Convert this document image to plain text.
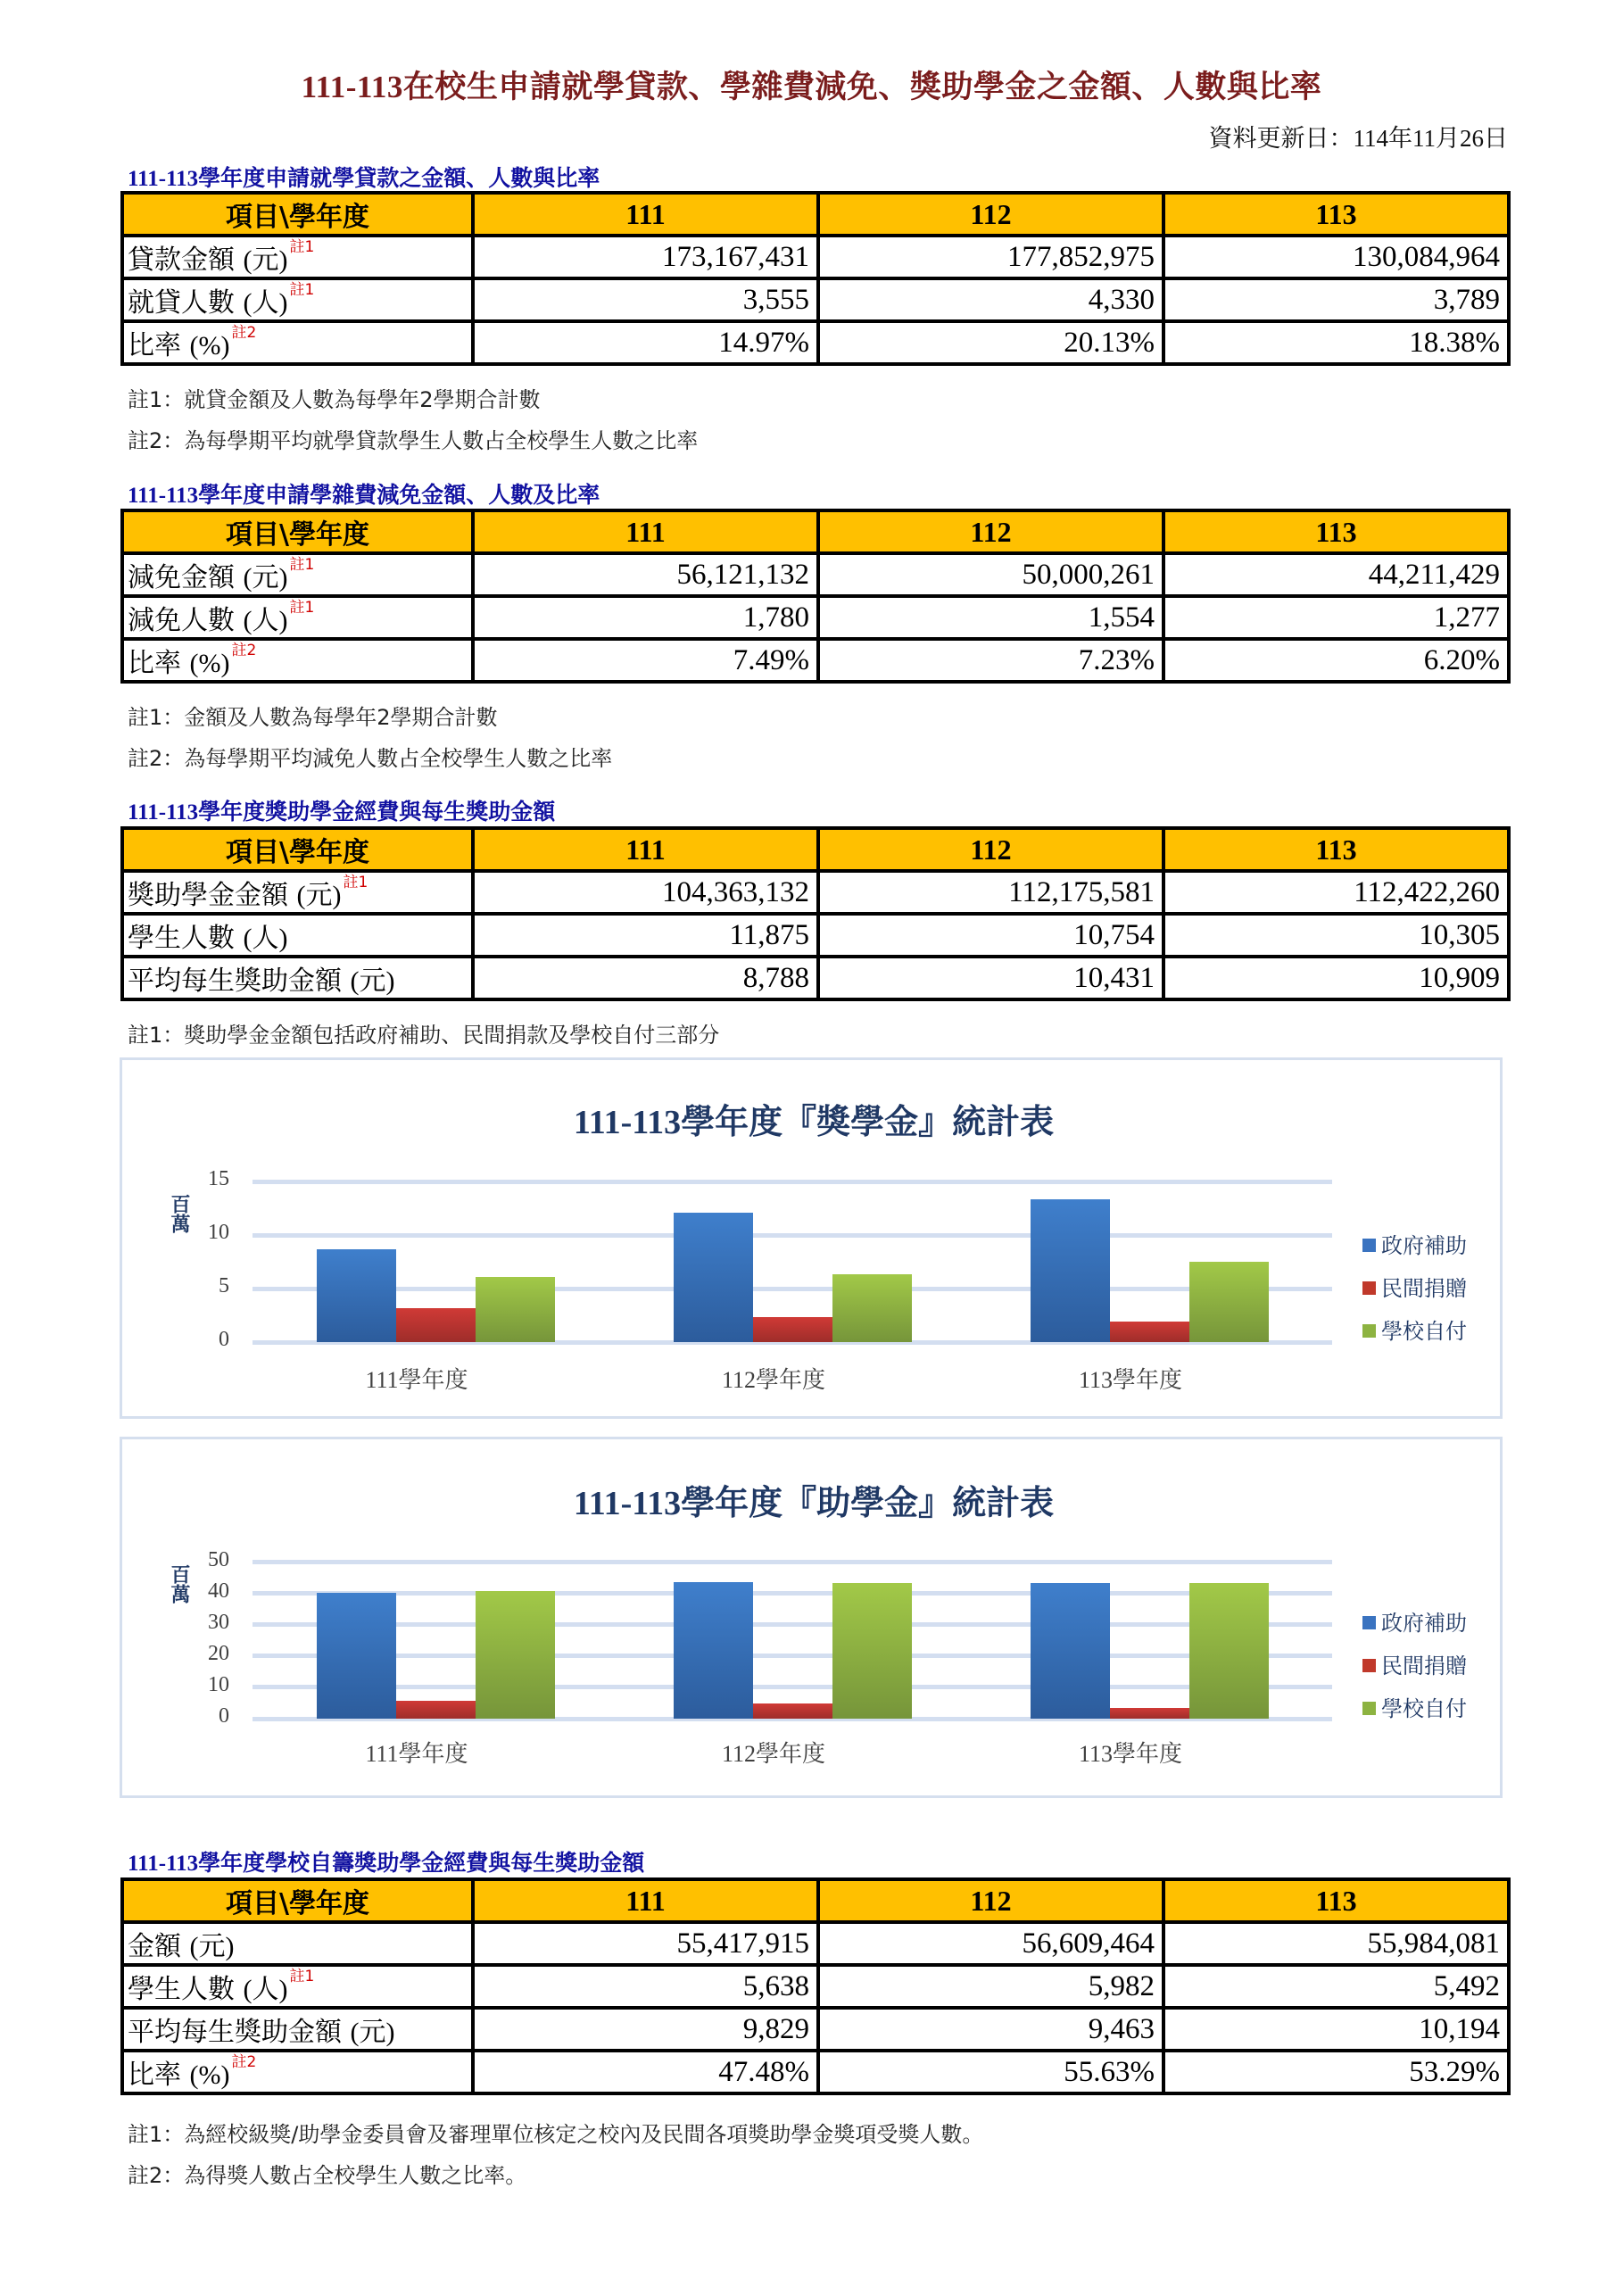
111-113在校生申請就學貸款、學雜費減免、獎助學金之金額、人數與比率
資料更新日：114年11月26日
111-113學年度申請就學貸款之金額、人數與比率
項目\學年度	111	112	113
貸款金額 (元) $^{註1}$	173,167,431	177,852,975	130,084,964
就貸人數 (人) $^{註1}$	3,555	4,330	3,789
比率 (%) $^{註2}$	14.97%	20.13%	18.38%
註1：就貸金額及人數為每學年2學期合計數
註2：為每學期平均就學貸款學生人數占全校學生人數之比率
111-113學年度申請學雜費減免金額、人數及比率
項目\學年度	111	112	113
減免金額 (元) $^{註1}$	56,121,132	50,000,261	44,211,429
減免人數 (人) $^{註1}$	1,780	1,554	1,277
比率 (%) $^{註2}$	7.49%	7.23%	6.20%
註1：金額及人數為每學年2學期合計數
註2：為每學期平均減免人數占全校學生人數之比率
111-113學年度獎助學金經費與每生獎助金額
項目\學年度	111	112	113
獎助學金金額 (元) $^{註1}$	104,363,132	112,175,581	112,422,260
學生人數 (人)	11,875	10,754	10,305
平均每生獎助金額 (元)	8,788	10,431	10,909
註1：獎助學金金額包括政府補助、民間捐款及學校自付三部分
111-113學年度『獎學金』統計表
百萬
15
10
5
0
111學年度	112學年度	113學年度
政府補助
民間捐贈
學校自付
111-113學年度『助學金』統計表
百萬
50
40
30
20
10
0
111學年度	112學年度	113學年度
政府補助
民間捐贈
學校自付
111-113學年度學校自籌獎助學金經費與每生獎助金額
項目\學年度	111	112	113
金額 (元)	55,417,915	56,609,464	55,984,081
學生人數 (人) $^{註1}$	5,638	5,982	5,492
平均每生獎助金額 (元)	9,829	9,463	10,194
比率 (%) $^{註2}$	47.48%	55.63%	53.29%
註1：為經校級獎/助學金委員會及審理單位核定之校內及民間各項獎助學金獎項受獎人數。
註2：為得獎人數占全校學生人數之比率。
